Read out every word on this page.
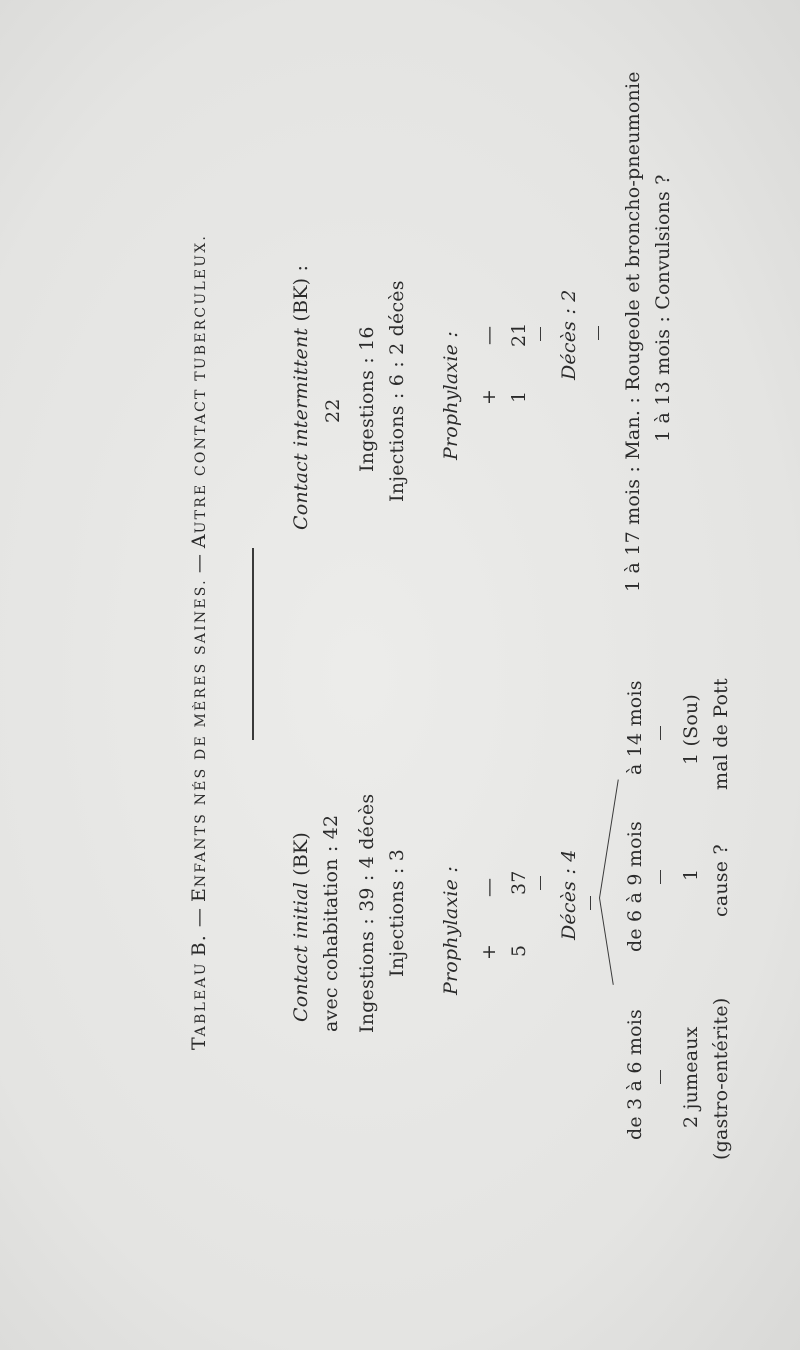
TABLEAU B. — ENFANTS NÉS DE MÈRES SAINES. — AUTRE CONTACT TUBERCULEUX.
Contact initial (BK) avec cohabitation : 42 Ingestions : 39 : 4 décès Injections : 3 Prophylaxie : +
—
5
37 Décès : 4
de 3 à 6 mois 2 jumeaux (gastro-entérite)
de 6 à 9 mois 1 cause ?
à 14 mois 1 (Sou) mal de Pott
Contact intermittent (BK) :
22 Ingestions : 16 Injections : 6 : 2 décès Prophylaxie : +
—
1
21 Décès : 2 1 à 17 mois : Man. : Rougeole et broncho-pneumonie 1 à 13 mois : Convulsions ?
